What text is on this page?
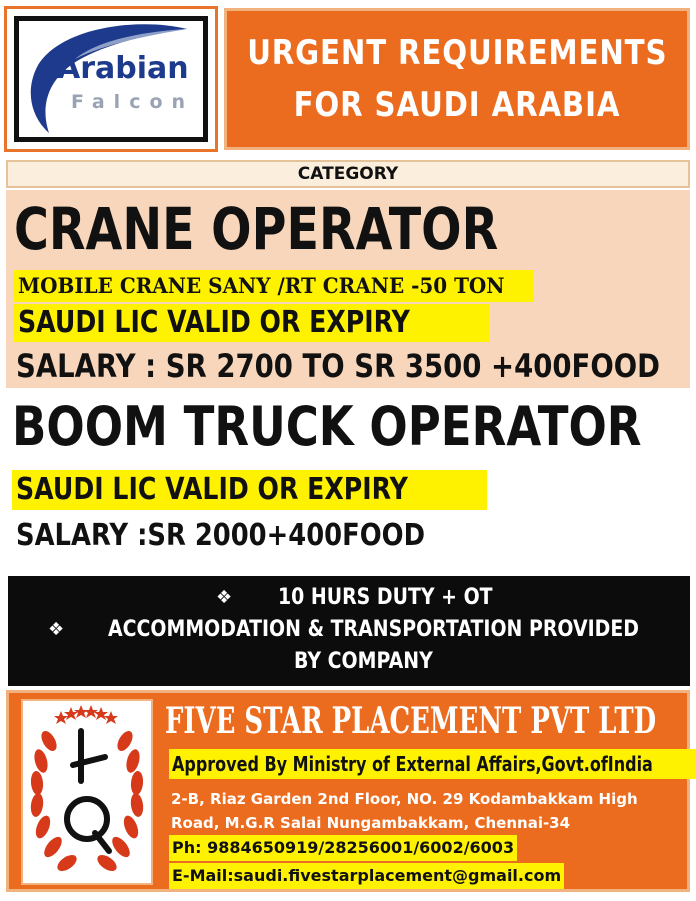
Arabian
Falcon
URGENT REQUIREMENTS
FOR SAUDI ARABIA
CATEGORY
CRANE OPERATOR
MOBILE CRANE SANY /RT CRANE -50 TON
SAUDI LIC VALID OR EXPIRY
SALARY : SR 2700 TO SR 3500 +400FOOD
BOOM TRUCK OPERATOR
SAUDI LIC VALID OR EXPIRY
SALARY :SR 2000+400FOOD
❖ 10 HURS DUTY + OT
❖ ACCOMMODATION & TRANSPORTATION PROVIDED
BY COMPANY
FIVE STAR PLACEMENT PVT LTD
Approved By Ministry of External Affairs,Govt.ofIndia
2-B, Riaz Garden 2nd Floor, NO. 29 Kodambakkam High
Road, M.G.R Salai Nungambakkam, Chennai-34
Ph: 9884650919/28256001/6002/6003
E-Mail:saudi.fivestarplacement@gmail.com
